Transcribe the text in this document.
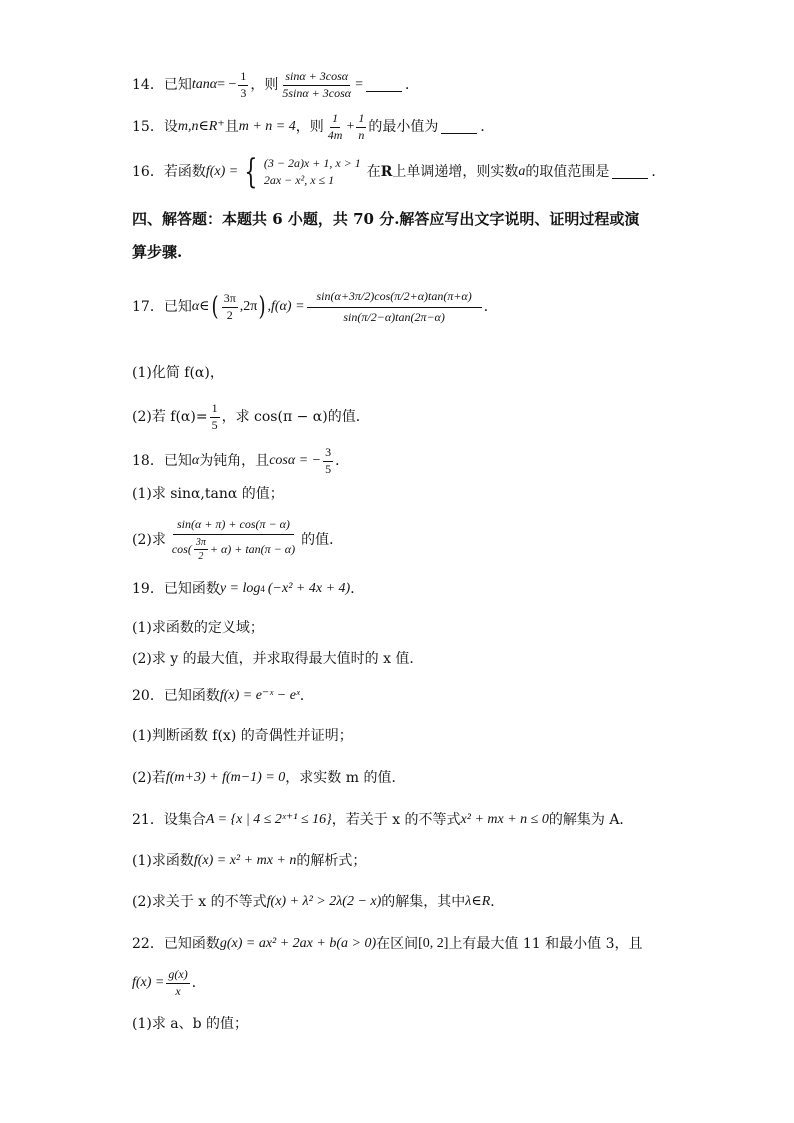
14．已知 tan α = − $\frac{1}{3}$ ，则 $\frac{\sin\alpha + 3\cos\alpha}{5\sin\alpha + 3\cos\alpha}$ =	．
15．设 m,n∈R⁺ 且 m + n = 4 ，则 $\frac{1}{4m} + \frac{1}{n}$ 的最小值为	．
16．若函数 f(x) = { (3 − 2a)x + 1, x > 1
2ax − x², x ≤ 1
在 R 上单调递增，则实数 a 的取值范围是	．
四、解答题：本题共 6 小题，共 70 分.解答应写出文字说明、证明过程或演
算步骤.
17．已知 α∈ ( $\frac{3\pi}{2} ,2\pi$ ) $,f(\alpha) = \frac{\sin(\alpha+3\pi/2)\cos(\pi/2+\alpha)\tan(\pi+\alpha)}{\sin(\pi/2-\alpha)\tan(2\pi-\alpha)}$ ．
(1)化简 f(α)，
(2)若 $f(\alpha)= \frac{1}{5}$ ，求 cos(π − α)的值．
18．已知 α 为钝角，且 cosα = − $\frac{3}{5}$ ．
(1)求 sinα,tanα 的值；
(2)求 $\frac{\sin(\alpha + \pi) + \cos(\pi - \alpha)}{\cos( \frac{3\pi}{2} + \alpha) + \tan(\pi - \alpha)}$ 的值．
19．已知函数 y = log 4 (−x² + 4x + 4) ．
(1)求函数的定义域；
(2)求 y 的最大值，并求取得最大值时的 x 值．
20．已知函数 f(x) = e⁻ˣ − eˣ ．
(1)判断函数 f(x) 的奇偶性并证明；
(2)若 f(m+3) + f(m−1) = 0 ，求实数 m 的值．
21．设集合 A = {x | 4 ≤ 2ˣ⁺¹ ≤ 16} ，若关于 x 的不等式 x² + mx + n ≤ 0 的解集为 A．
(1)求函数 f(x) = x² + mx + n 的解析式；
(2)求关于 x 的不等式 f(x) + λ² > 2λ(2 − x) 的解集，其中 λ∈R ．
22．已知函数 g(x) = ax² + 2ax + b(a > 0) 在区间 [0, 2] 上有最大值 11 和最小值 3，且
$f(x) = \frac{g(x)}{x}$ ．
(1)求 a、b 的值；
